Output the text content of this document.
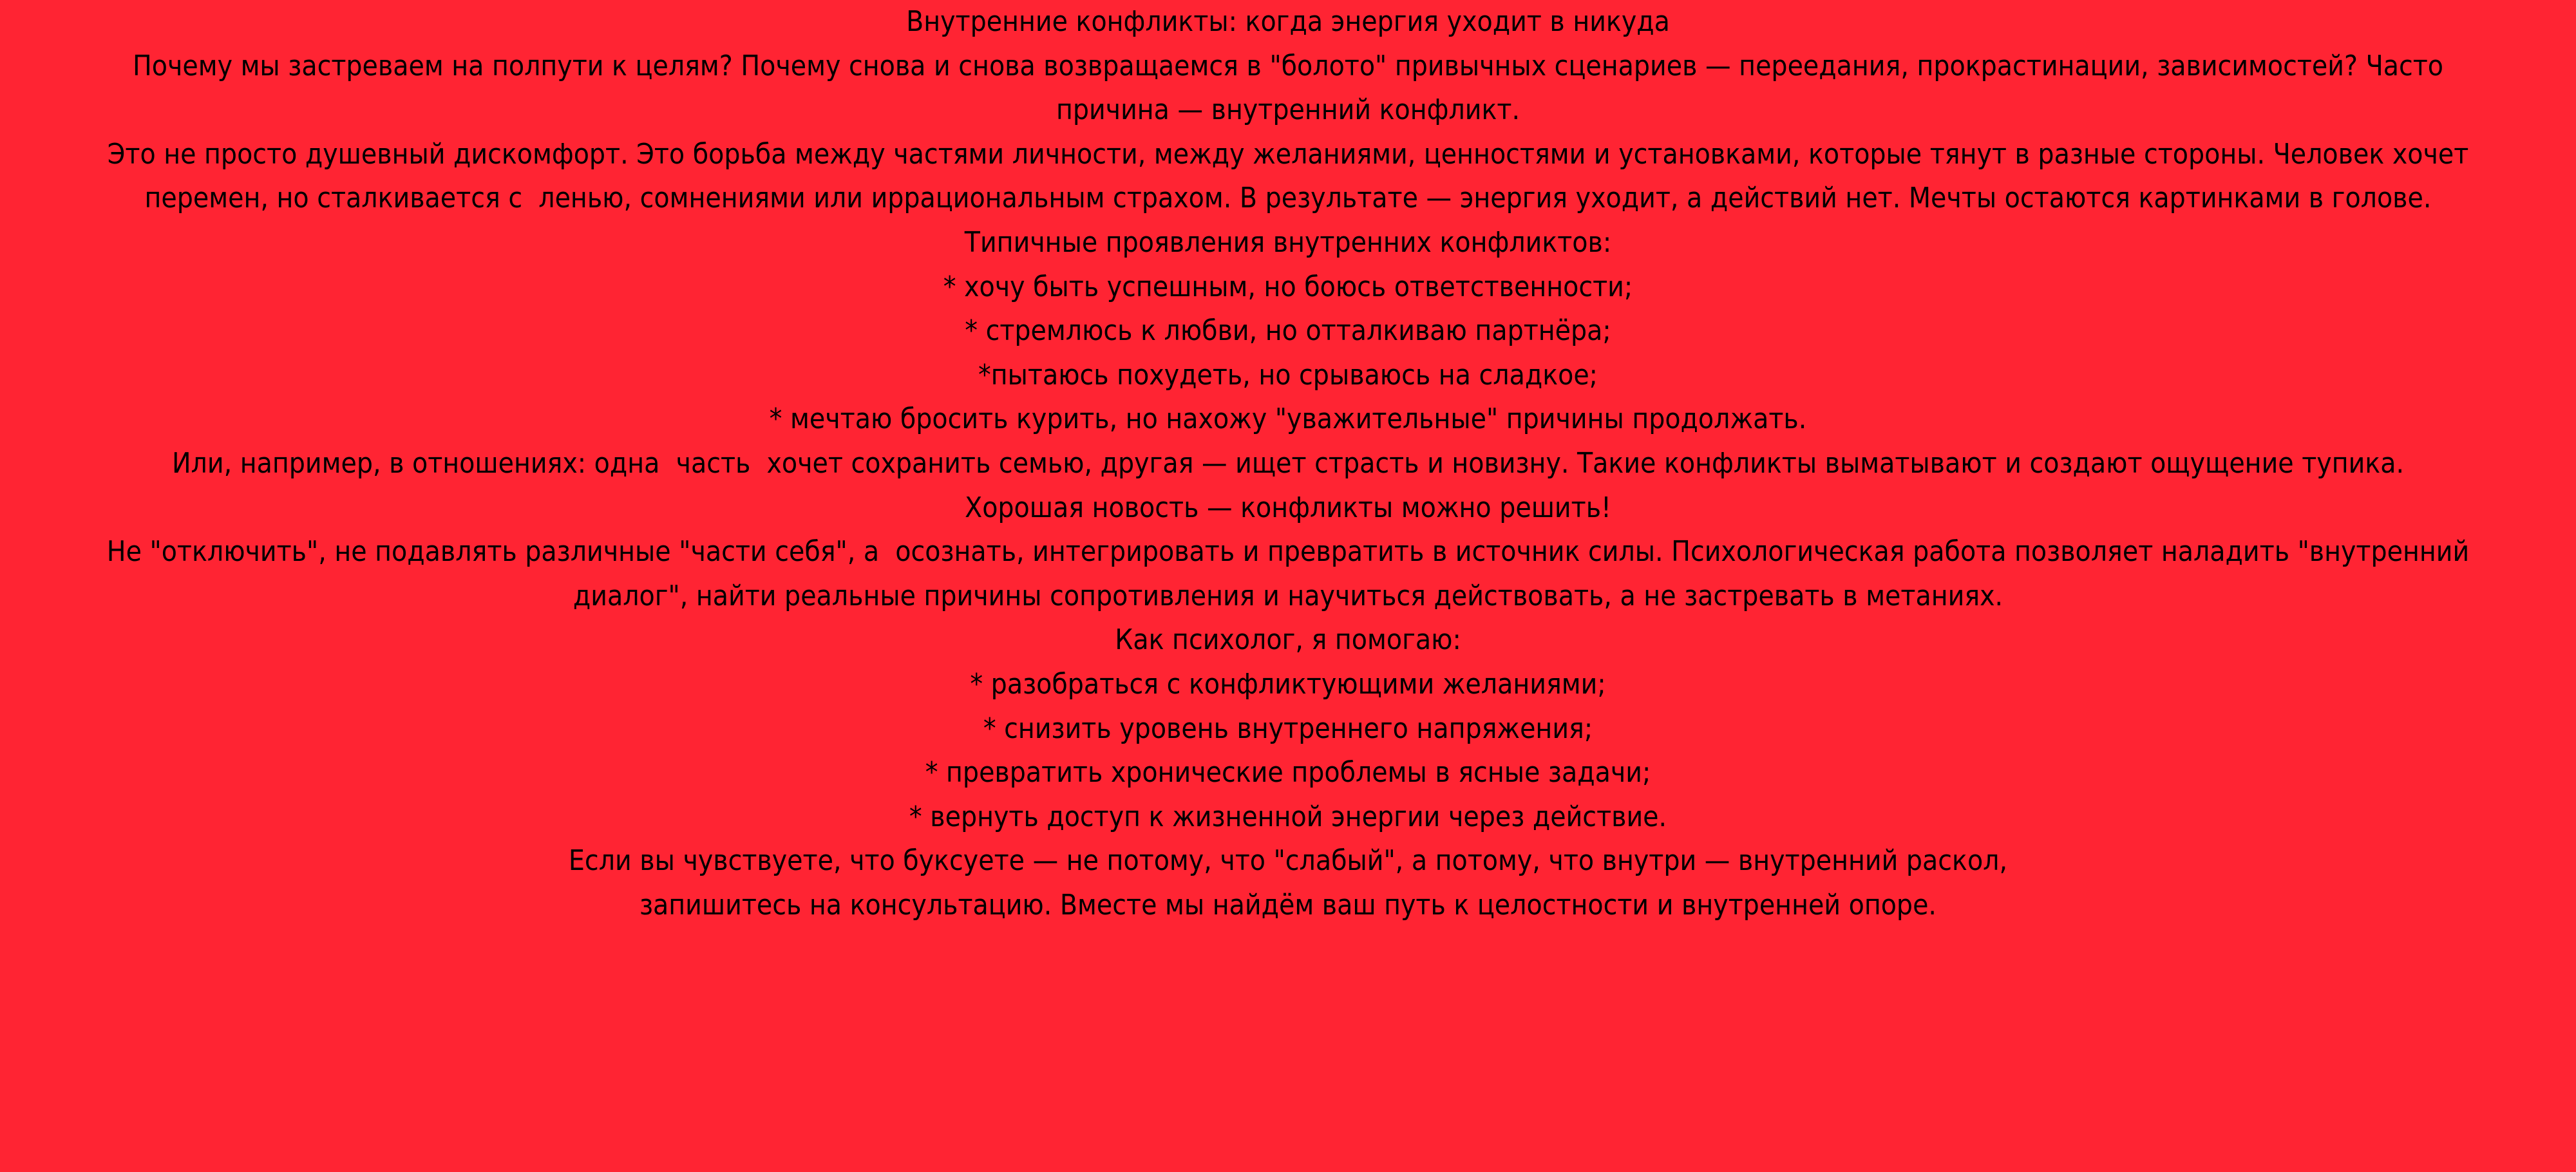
Внутренние конфликты: когда энергия уходит в никуда
Почему мы застреваем на полпути к целям? Почему снова и снова возвращаемся в "болото" привычных сценариев — переедания, прокрастинации, зависимостей? Часто
причина — внутренний конфликт.
Это не просто душевный дискомфорт. Это борьба между частями личности, между желаниями, ценностями и установками, которые тянут в разные стороны. Человек хочет
перемен, но сталкивается с  ленью, сомнениями или иррациональным страхом. В результате — энергия уходит, а действий нет. Мечты остаются картинками в голове.
Типичные проявления внутренних конфликтов:
* хочу быть успешным, но боюсь ответственности;
* стремлюсь к любви, но отталкиваю партнёра;
*пытаюсь похудеть, но срываюсь на сладкое;
* мечтаю бросить курить, но нахожу "уважительные" причины продолжать.
Или, например, в отношениях: одна  часть  хочет сохранить семью, другая — ищет страсть и новизну. Такие конфликты выматывают и создают ощущение тупика.
Хорошая новость — конфликты можно решить!
Не "отключить", не подавлять различные "части себя", а  осознать, интегрировать и превратить в источник силы. Психологическая работа позволяет наладить "внутренний
диалог", найти реальные причины сопротивления и научиться действовать, а не застревать в метаниях.
Как психолог, я помогаю:
* разобраться с конфликтующими желаниями;
* снизить уровень внутреннего напряжения;
* превратить хронические проблемы в ясные задачи;
* вернуть доступ к жизненной энергии через действие.
Если вы чувствуете, что буксуете — не потому, что "слабый", а потому, что внутри — внутренний раскол,
запишитесь на консультацию. Вместе мы найдём ваш путь к целостности и внутренней опоре.
